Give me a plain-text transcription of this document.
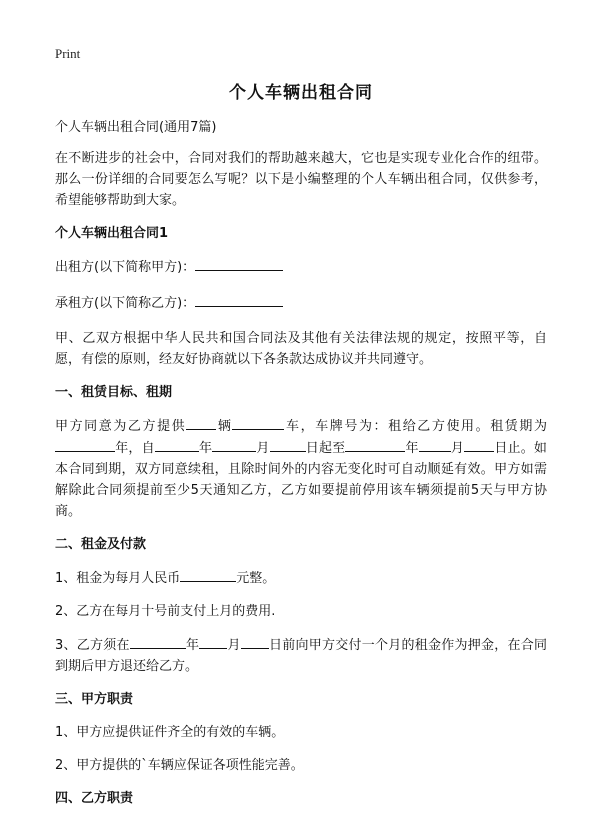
Print
个人车辆出租合同

个人车辆出租合同(通用7篇)

在不断进步的社会中，合同对我们的帮助越来越大，它也是实现专业化合作的纽带。那么一份详细的合同要怎么写呢？以下是小编整理的个人车辆出租合同，仅供参考，希望能够帮助到大家。

个人车辆出租合同1

出租方(以下简称甲方)：

承租方(以下简称乙方)：

甲、乙双方根据中华人民共和国合同法及其他有关法律法规的规定，按照平等，自愿，有偿的原则，经友好协商就以下各条款达成协议并共同遵守。

一、租赁目标、租期

甲方同意为乙方提供 辆	车，车牌号为：租给乙方使用。租赁期为年，自	年	月	日起至	年 月 日止。如本合同到期，双方同意续租，且除时间外的内容无变化时可自动顺延有效。甲方如需解除此合同须提前至少5天通知乙方，乙方如要提前停用该车辆须提前5天与甲方协商。

二、租金及付款

1、租金为每月人民币	元整。

2、乙方在每月十号前支付上月的费用.

3、乙方须在	年 月 日前向甲方交付一个月的租金作为押金，在合同到期后甲方退还给乙方。

三、甲方职责

1、甲方应提供证件齐全的有效的车辆。

2、甲方提供的`车辆应保证各项性能完善。

四、乙方职责
